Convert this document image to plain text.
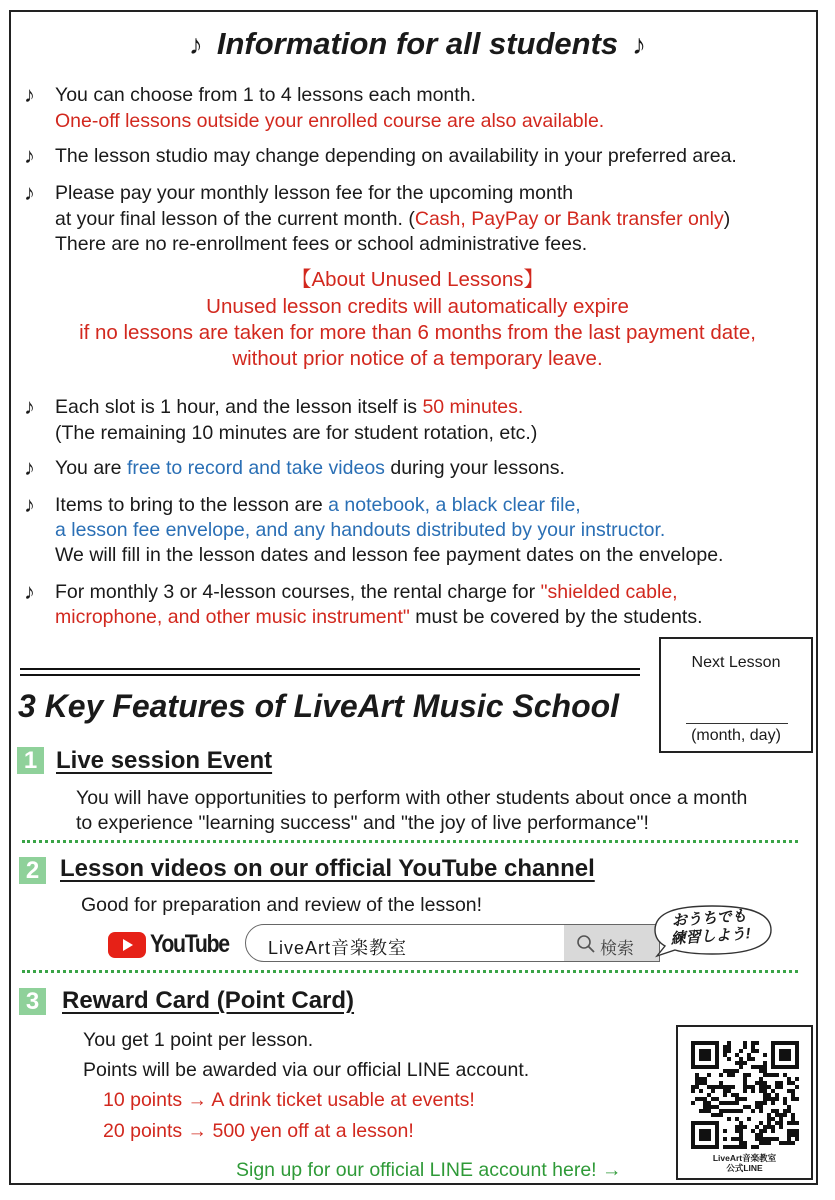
♪ Information for all students ♪
♪ You can choose from 1 to 4 lessons each month.
One-off lessons outside your enrolled course are also available.
♪ The lesson studio may change depending on availability in your preferred area.
♪ Please pay your monthly lesson fee for the upcoming month
at your final lesson of the current month. (Cash, PayPay or Bank transfer only)
There are no re-enrollment fees or school administrative fees.
【About Unused Lessons】
Unused lesson credits will automatically expire
if no lessons are taken for more than 6 months from the last payment date,
without prior notice of a temporary leave.
♪ Each slot is 1 hour, and the lesson itself is 50 minutes.
(The remaining 10 minutes are for student rotation, etc.)
♪ You are free to record and take videos during your lessons.
♪ Items to bring to the lesson are a notebook, a black clear file,
a lesson fee envelope, and any handouts distributed by your instructor.
We will fill in the lesson dates and lesson fee payment dates on the envelope.
♪ For monthly 3 or 4-lesson courses, the rental charge for "shielded cable,
microphone, and other music instrument" must be covered by the students.
Next Lesson
(month, day)
3 Key Features of LiveArt Music School
1 Live session Event
You will have opportunities to perform with other students about once a month
to experience "learning success" and "the joy of live performance"!
2 Lesson videos on our official YouTube channel
Good for preparation and review of the lesson!
YouTube LiveArt音楽教室	検索
おうちでも
練習しよう!
3 Reward Card (Point Card)
You get 1 point per lesson.
Points will be awarded via our official LINE account.
10 points → A drink ticket usable at events!
20 points → 500 yen off at a lesson!
Sign up for our official LINE account here! →
LiveArt音楽教室
公式LINE
